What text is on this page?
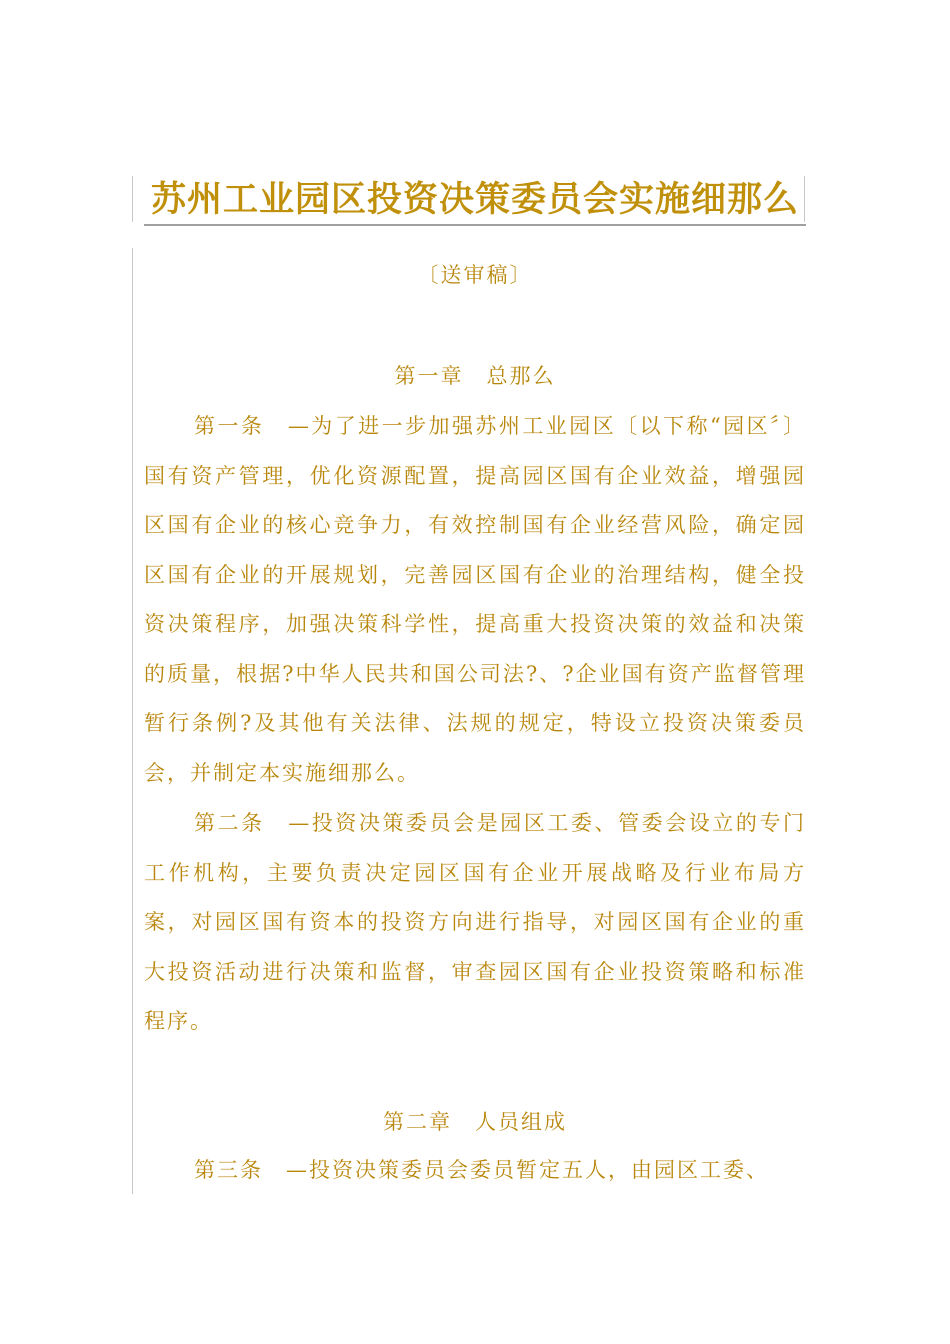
苏州工业园区投资决策委员会实施细那么
〔送审稿〕
第一章　总那么
第一条　—为了进一步加强苏州工业园区〔以下称“园区〞〕国有资产管理，优化资源配置，提高园区国有企业效益，增强园区国有企业的核心竞争力，有效控制国有企业经营风险，确定园区国有企业的开展规划，完善园区国有企业的治理结构，健全投资决策程序，加强决策科学性，提高重大投资决策的效益和决策的质量，根据?中华人民共和国公司法?、?企业国有资产监督管理暂行条例?及其他有关法律、法规的规定，特设立投资决策委员会，并制定本实施细那么。
第二条　—投资决策委员会是园区工委、管委会设立的专门工作机构，主要负责决定园区国有企业开展战略及行业布局方案，对园区国有资本的投资方向进行指导，对园区国有企业的重大投资活动进行决策和监督，审查园区国有企业投资策略和标准程序。
第二章　人员组成
第三条　—投资决策委员会委员暂定五人，由园区工委、
